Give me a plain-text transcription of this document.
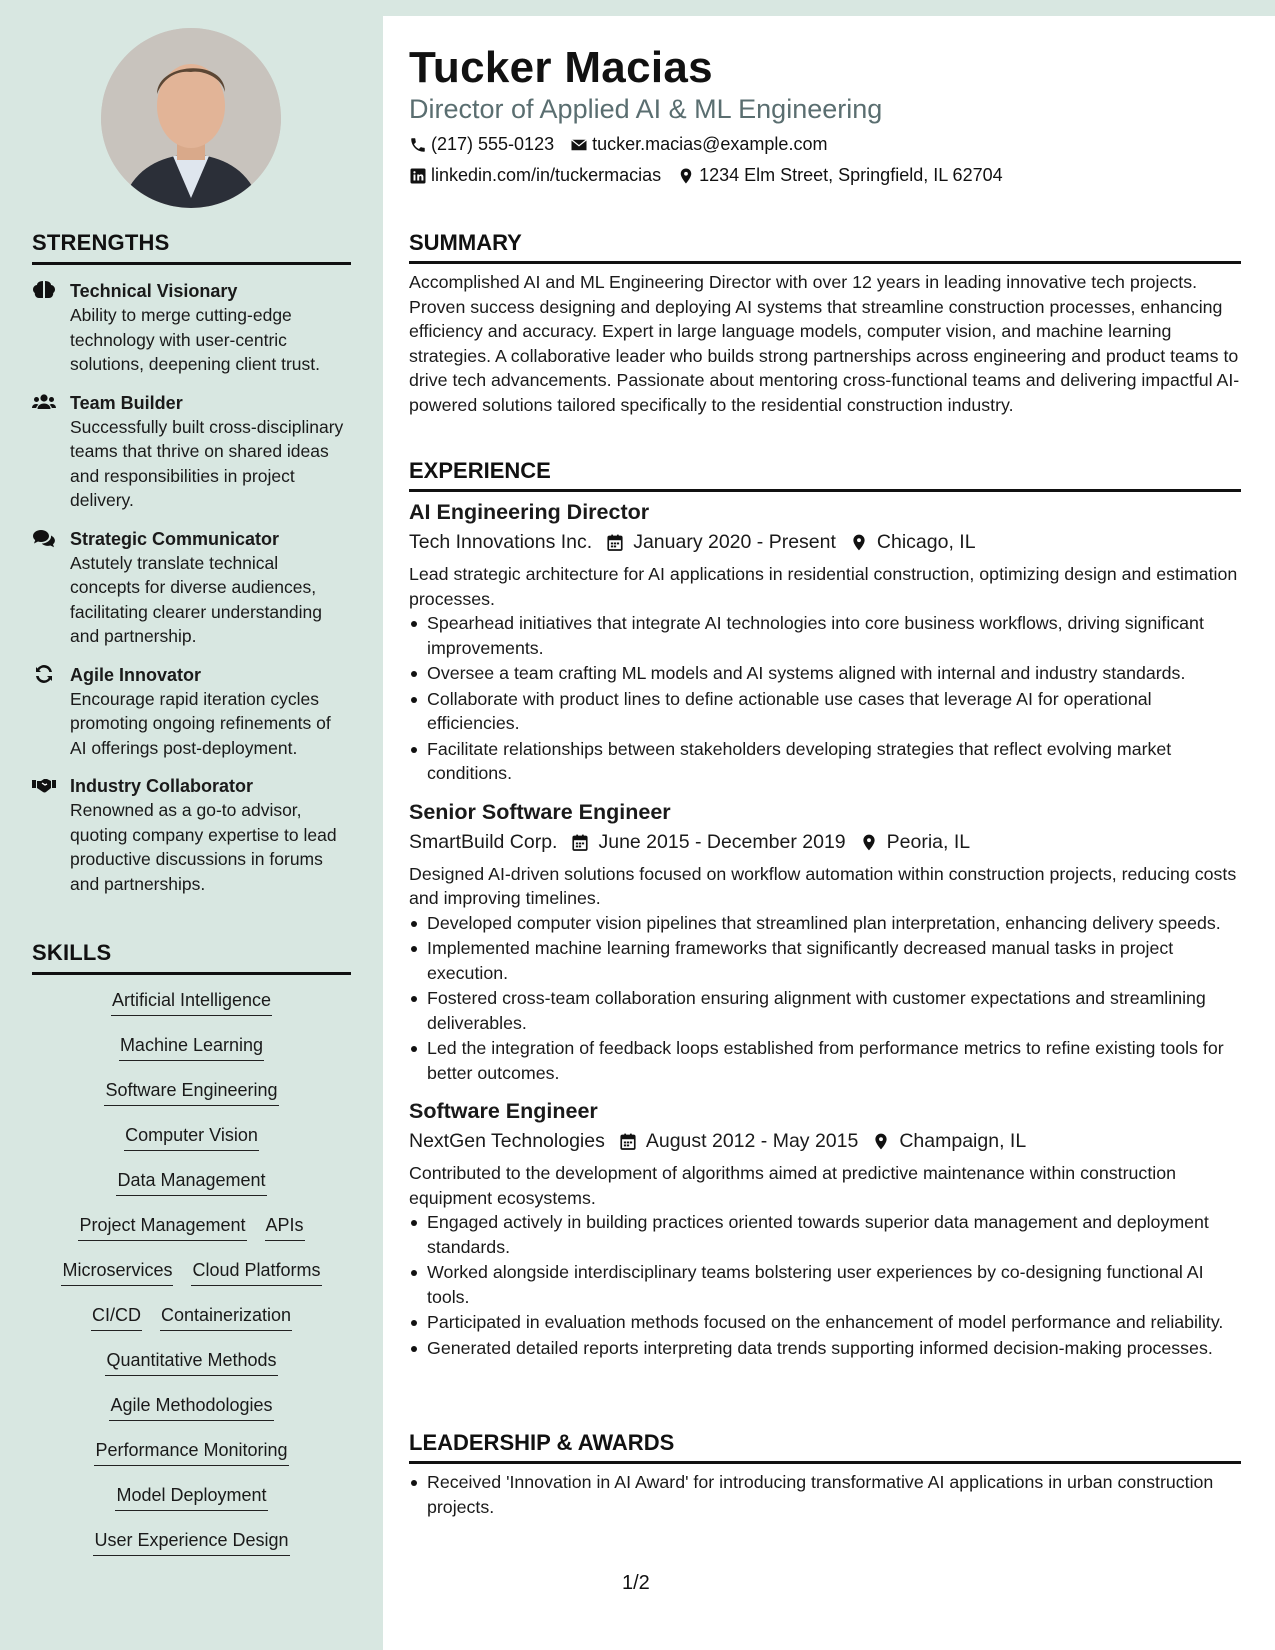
STRENGTHS
Technical Visionary
Ability to merge cutting-edge technology with user-centric solutions, deepening client trust.
Team Builder
Successfully built cross-disciplinary teams that thrive on shared ideas and responsibilities in project delivery.
Strategic Communicator
Astutely translate technical concepts for diverse audiences, facilitating clearer understanding and partnership.
Agile Innovator
Encourage rapid iteration cycles promoting ongoing refinements of AI offerings post-deployment.
Industry Collaborator
Renowned as a go-to advisor, quoting company expertise to lead productive discussions in forums and partnerships.
SKILLS
Artificial Intelligence
Machine Learning
Software Engineering
Computer Vision
Data Management
Project Management APIs
Microservices Cloud Platforms
CI/CD Containerization
Quantitative Methods
Agile Methodologies
Performance Monitoring
Model Deployment
User Experience Design
Tucker Macias
Director of Applied AI & ML Engineering
(217) 555-0123 tucker.macias@example.com
linkedin.com/in/tuckermacias 1234 Elm Street, Springfield, IL 62704
SUMMARY
Accomplished AI and ML Engineering Director with over 12 years in leading innovative tech projects. Proven success designing and deploying AI systems that streamline construction processes, enhancing efficiency and accuracy. Expert in large language models, computer vision, and machine learning strategies. A collaborative leader who builds strong partnerships across engineering and product teams to drive tech advancements. Passionate about mentoring cross-functional teams and delivering impactful AI-powered solutions tailored specifically to the residential construction industry.
EXPERIENCE
AI Engineering Director
Tech Innovations Inc. January 2020 - Present Chicago, IL
Lead strategic architecture for AI applications in residential construction, optimizing design and estimation processes.
Spearhead initiatives that integrate AI technologies into core business workflows, driving significant improvements.
Oversee a team crafting ML models and AI systems aligned with internal and industry standards.
Collaborate with product lines to define actionable use cases that leverage AI for operational efficiencies.
Facilitate relationships between stakeholders developing strategies that reflect evolving market conditions.
Senior Software Engineer
SmartBuild Corp. June 2015 - December 2019 Peoria, IL
Designed AI-driven solutions focused on workflow automation within construction projects, reducing costs and improving timelines.
Developed computer vision pipelines that streamlined plan interpretation, enhancing delivery speeds.
Implemented machine learning frameworks that significantly decreased manual tasks in project execution.
Fostered cross-team collaboration ensuring alignment with customer expectations and streamlining deliverables.
Led the integration of feedback loops established from performance metrics to refine existing tools for better outcomes.
Software Engineer
NextGen Technologies August 2012 - May 2015 Champaign, IL
Contributed to the development of algorithms aimed at predictive maintenance within construction equipment ecosystems.
Engaged actively in building practices oriented towards superior data management and deployment standards.
Worked alongside interdisciplinary teams bolstering user experiences by co-designing functional AI tools.
Participated in evaluation methods focused on the enhancement of model performance and reliability.
Generated detailed reports interpreting data trends supporting informed decision-making processes.
LEADERSHIP & AWARDS
Received 'Innovation in AI Award' for introducing transformative AI applications in urban construction projects.
1/2
